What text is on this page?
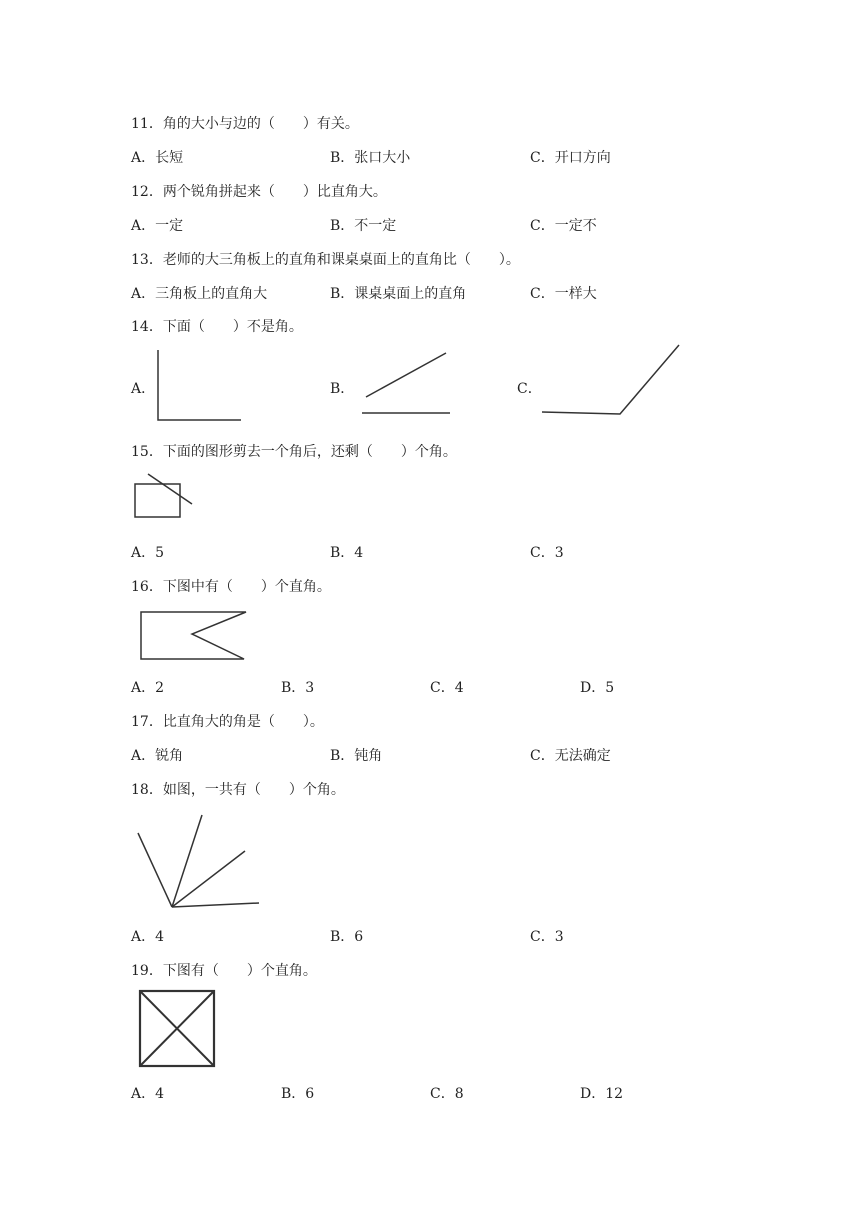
11．角的大小与边的（　　）有关。
A．长短	B．张口大小	C．开口方向
12．两个锐角拼起来（　　）比直角大。
A．一定	B．不一定	C．一定不
13．老师的大三角板上的直角和课桌桌面上的直角比（　　）。
A．三角板上的直角大	B．课桌桌面上的直角	C．一样大
14．下面（　　）不是角。
A．	B．	C．
15．下面的图形剪去一个角后，还剩（　　）个角。
A．5	B．4	C．3
16．下图中有（　　）个直角。
A．2	B．3	C．4	D．5
17．比直角大的角是（　　）。
A．锐角	B．钝角	C．无法确定
18．如图，一共有（　　）个角。
A．4	B．6	C．3
19．下图有（　　）个直角。
A．4	B．6	C．8	D．12
